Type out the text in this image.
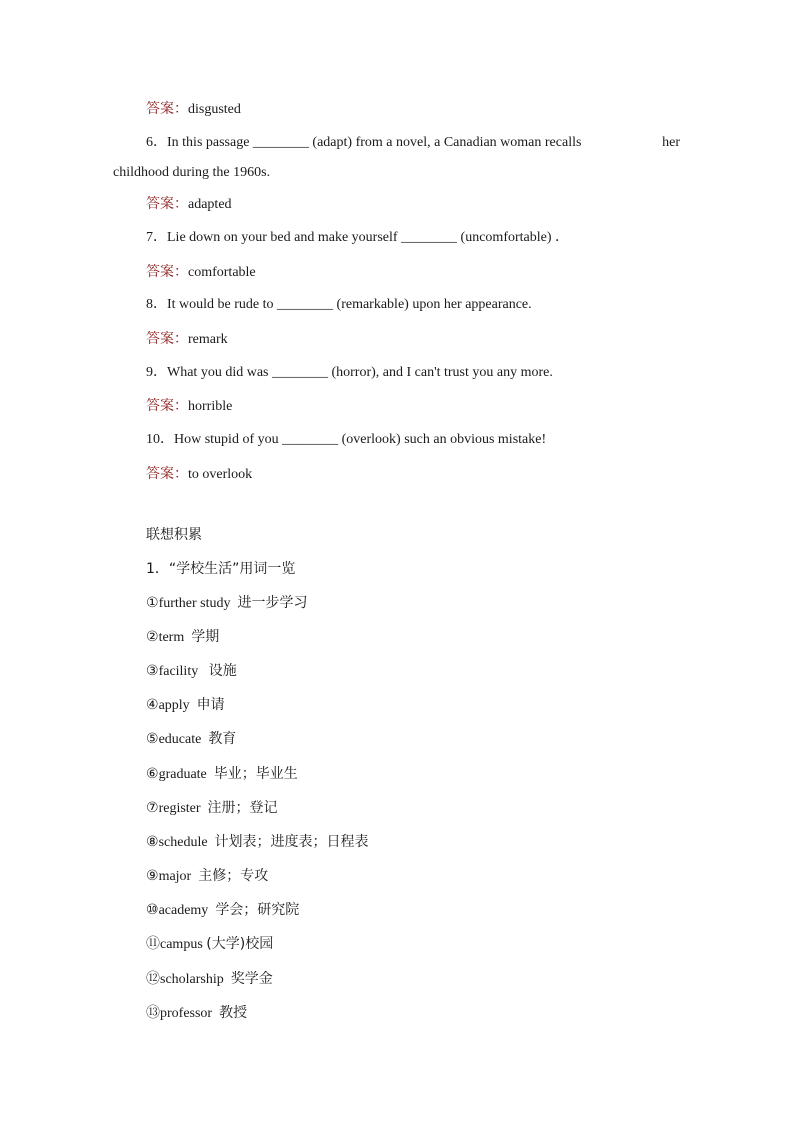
答案：disgusted
6．In this passage ________ (adapt) from a novel, a Canadian woman recalls	her
childhood during the 1960s.
答案：adapted
7．Lie down on your bed and make yourself ________ (uncomfortable) ．
答案：comfortable
8．It would be rude to ________ (remarkable) upon her appearance.
答案：remark
9．What you did was ________ (horror), and I can't trust you any more.
答案：horrible
10．How stupid of you ________ (overlook) such an obvious mistake!
答案：to overlook
联想积累
1．“学校生活”用词一览
①further study 进一步学习
②term 学期
③facility 设施
④apply 申请
⑤educate 教育
⑥graduate 毕业；毕业生
⑦register 注册；登记
⑧schedule 计划表；进度表；日程表
⑨major 主修；专攻
⑩academy 学会；研究院
⑪campus (大学)校园
⑫scholarship 奖学金
⑬professor 教授
